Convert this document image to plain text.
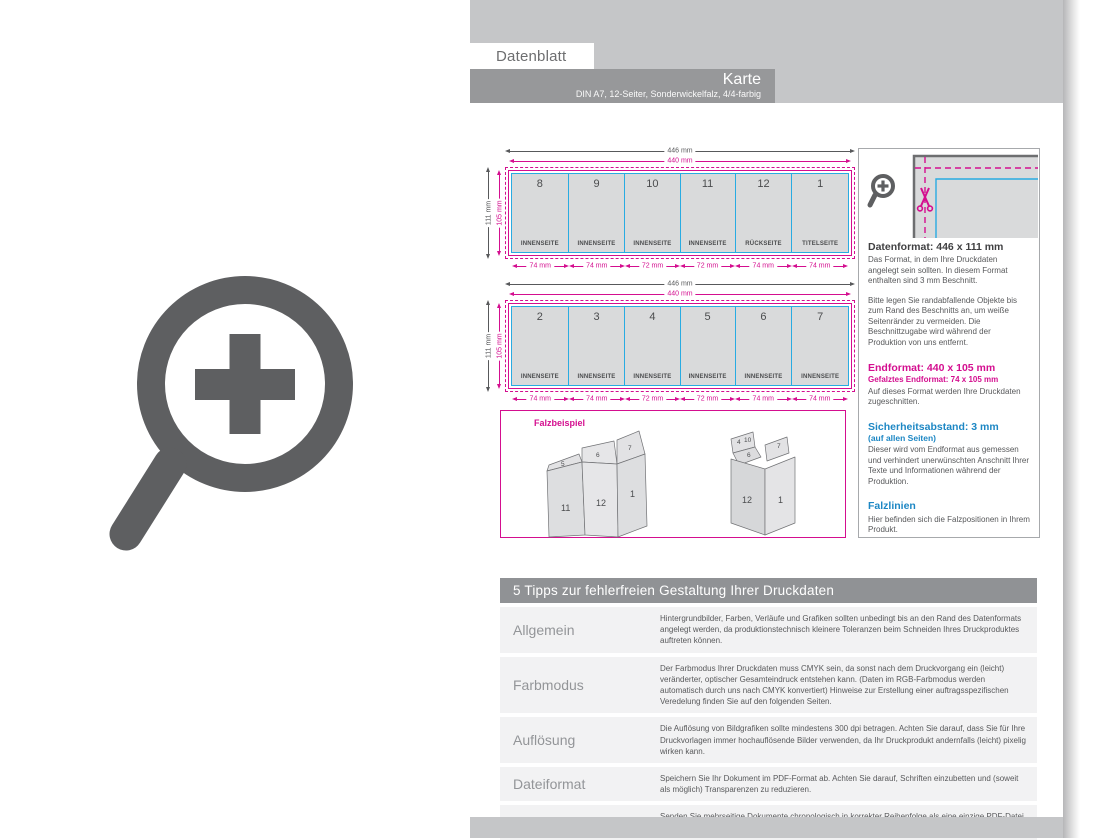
Datenblatt
Karte
DIN A7, 12-Seiter, Sonderwickelfalz, 4/4-farbig
446 mm
440 mm
111 mm 105 mm
8
INNENSEITE
9
INNENSEITE
10
INNENSEITE
11
INNENSEITE
12
RÜCKSEITE
1
TITELSEITE
74 mm	74 mm	72 mm	72 mm	74 mm	74 mm
446 mm
440 mm
111 mm 105 mm
2
INNENSEITE
3
INNENSEITE
4
INNENSEITE
5
INNENSEITE
6
INNENSEITE
7
INNENSEITE
74 mm	74 mm	72 mm	72 mm	74 mm	74 mm
Falzbeispiel
5
6
7
11	12
1
4 10
6
7
12	1
Datenformat: 446 x 111 mm
Das Format, in dem Ihre Druckdaten angelegt sein sollten. In diesem Format enthalten sind 3 mm Beschnitt.
Bitte legen Sie randabfallende Objekte bis zum Rand des Beschnitts an, um weiße Seitenränder zu vermeiden. Die Beschnittzugabe wird während der Produktion von uns entfernt.
Endformat: 440 x 105 mm
Gefalztes Endformat: 74 x 105 mm
Auf dieses Format werden Ihre Druckdaten zugeschnitten.
Sicherheitsabstand: 3 mm
(auf allen Seiten)
Dieser wird vom Endformat aus gemessen und verhindert unerwünschten Anschnitt Ihrer Texte und Informationen während der Produktion.
Falzlinien
Hier befinden sich die Falzpositionen in Ihrem Produkt.
5 Tipps zur fehlerfreien Gestaltung Ihrer Druckdaten
Allgemein
Hintergrundbilder, Farben, Verläufe und Grafiken sollten unbedingt bis an den Rand des Datenformats angelegt werden, da produktionstechnisch kleinere Toleranzen beim Schneiden Ihres Druckproduktes auftreten können.
Farbmodus
Der Farbmodus Ihrer Druckdaten muss CMYK sein, da sonst nach dem Druckvorgang ein (leicht) veränderter, optischer Gesamteindruck entstehen kann. (Daten im RGB-Farbmodus werden automatisch durch uns nach CMYK konvertiert) Hinweise zur Erstellung einer auftragsspezifischen Veredelung finden Sie auf den folgenden Seiten.
Auflösung
Die Auflösung von Bildgrafiken sollte mindestens 300 dpi betragen. Achten Sie darauf, dass Sie für Ihre Druckvorlagen immer hochauflösende Bilder verwenden, da Ihr Druckprodukt andernfalls (leicht) pixelig wirken kann.
Dateiformat	Speichern Sie Ihr Dokument im PDF-Format ab. Achten Sie darauf, Schriften einzubetten und (soweit als möglich) Transparenzen zu reduzieren.
